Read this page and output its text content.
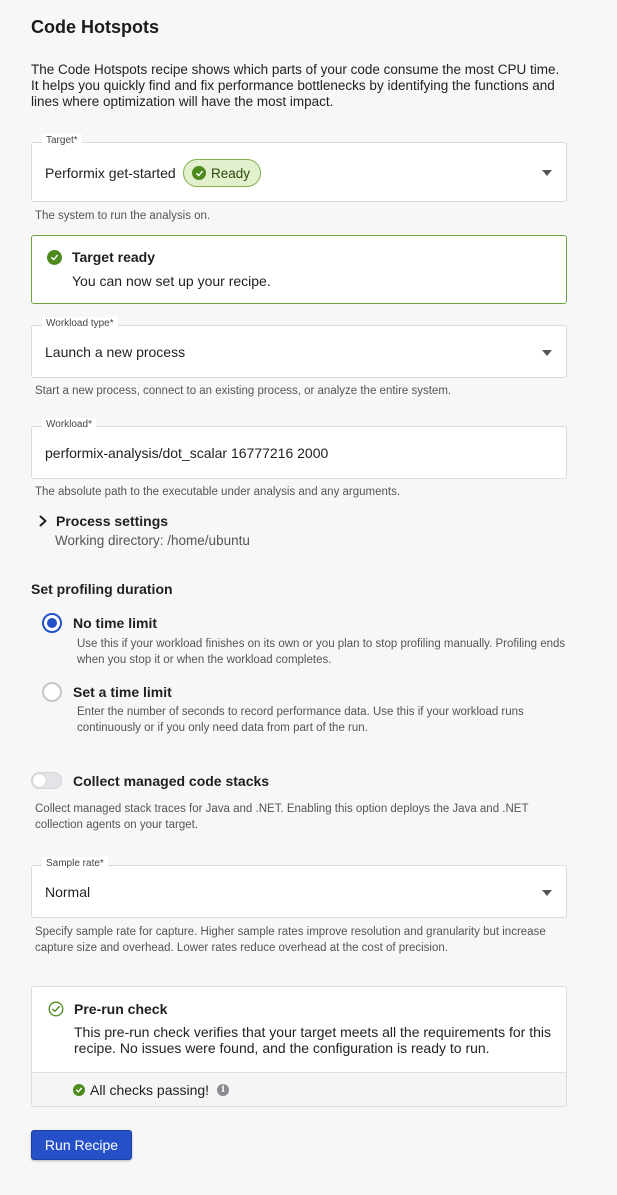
Code Hotspots
The Code Hotspots recipe shows which parts of your code consume the most CPU time. It helps you quickly find and fix performance bottlenecks by identifying the functions and lines where optimization will have the most impact.
Target*
Performix get-started	Ready
The system to run the analysis on.
Target ready
You can now set up your recipe.
Workload type*
Launch a new process
Start a new process, connect to an existing process, or analyze the entire system.
Workload*
performix-analysis/dot_scalar 16777216 2000
The absolute path to the executable under analysis and any arguments.
Process settings
Working directory: /home/ubuntu
Set profiling duration
No time limit
Use this if your workload finishes on its own or you plan to stop profiling manually. Profiling ends when you stop it or when the workload completes.
Set a time limit
Enter the number of seconds to record performance data. Use this if your workload runs continuously or if you only need data from part of the run.
Collect managed code stacks
Collect managed stack traces for Java and .NET. Enabling this option deploys the Java and .NET collection agents on your target.
Sample rate*
Normal
Specify sample rate for capture. Higher sample rates improve resolution and granularity but increase capture size and overhead. Lower rates reduce overhead at the cost of precision.
Pre-run check
This pre-run check verifies that your target meets all the requirements for this recipe. No issues were found, and the configuration is ready to run.
All checks passing!	i
Run Recipe
